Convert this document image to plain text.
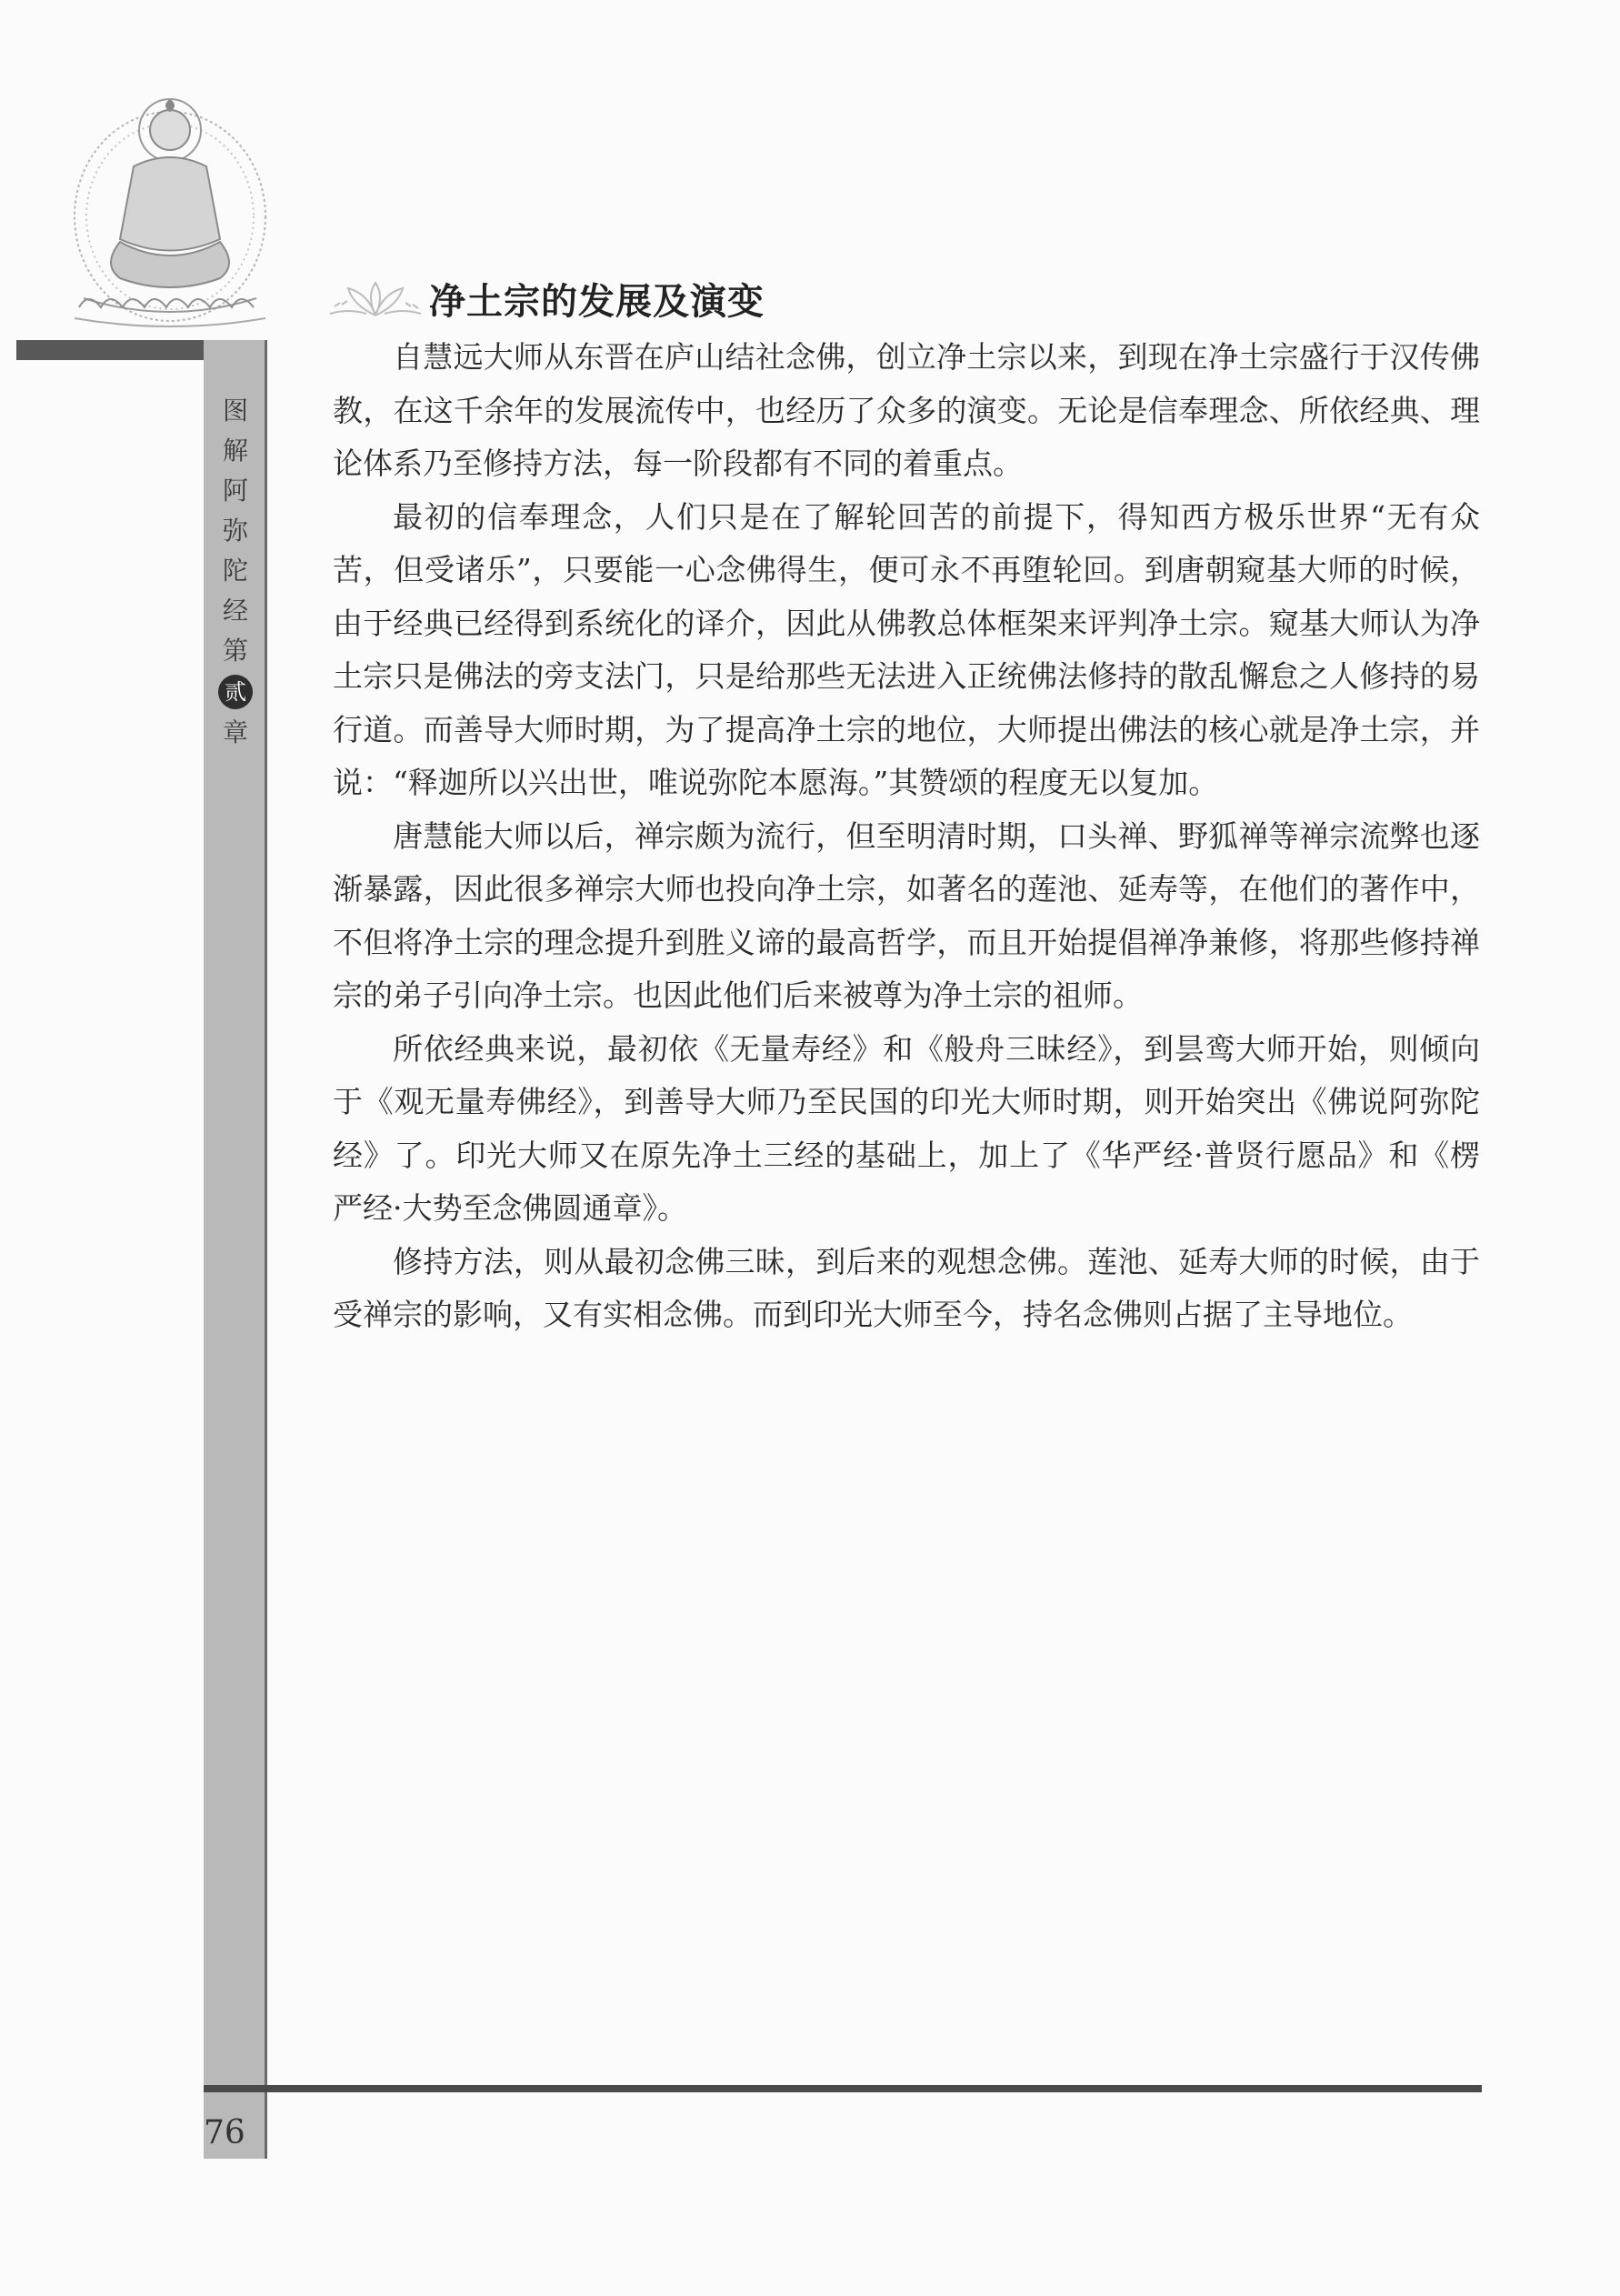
净土宗的发展及演变
图
解
阿
弥
陀
经
第
贰
章

自慧远大师从东晋在庐山结社念佛，创立净土宗以来，到现在净土宗盛行于汉传佛教，在这千余年的发展流传中，也经历了众多的演变。无论是信奉理念、所依经典、理论体系乃至修持方法，每一阶段都有不同的着重点。

最初的信奉理念，人们只是在了解轮回苦的前提下，得知西方极乐世界“无有众苦，但受诸乐”，只要能一心念佛得生，便可永不再堕轮回。到唐朝窥基大师的时候，由于经典已经得到系统化的译介，因此从佛教总体框架来评判净土宗。窥基大师认为净土宗只是佛法的旁支法门，只是给那些无法进入正统佛法修持的散乱懈怠之人修持的易行道。而善导大师时期，为了提高净土宗的地位，大师提出佛法的核心就是净土宗，并说：“释迦所以兴出世，唯说弥陀本愿海。”其赞颂的程度无以复加。

唐慧能大师以后，禅宗颇为流行，但至明清时期，口头禅、野狐禅等禅宗流弊也逐渐暴露，因此很多禅宗大师也投向净土宗，如著名的莲池、延寿等，在他们的著作中，不但将净土宗的理念提升到胜义谛的最高哲学，而且开始提倡禅净兼修，将那些修持禅宗的弟子引向净土宗。也因此他们后来被尊为净土宗的祖师。

所依经典来说，最初依《无量寿经》和《般舟三昧经》，到昙鸾大师开始，则倾向于《观无量寿佛经》，到善导大师乃至民国的印光大师时期，则开始突出《佛说阿弥陀经》了。印光大师又在原先净土三经的基础上，加上了《华严经·普贤行愿品》和《楞严经·大势至念佛圆通章》。

修持方法，则从最初念佛三昧，到后来的观想念佛。莲池、延寿大师的时候，由于受禅宗的影响，又有实相念佛。而到印光大师至今，持名念佛则占据了主导地位。

76
